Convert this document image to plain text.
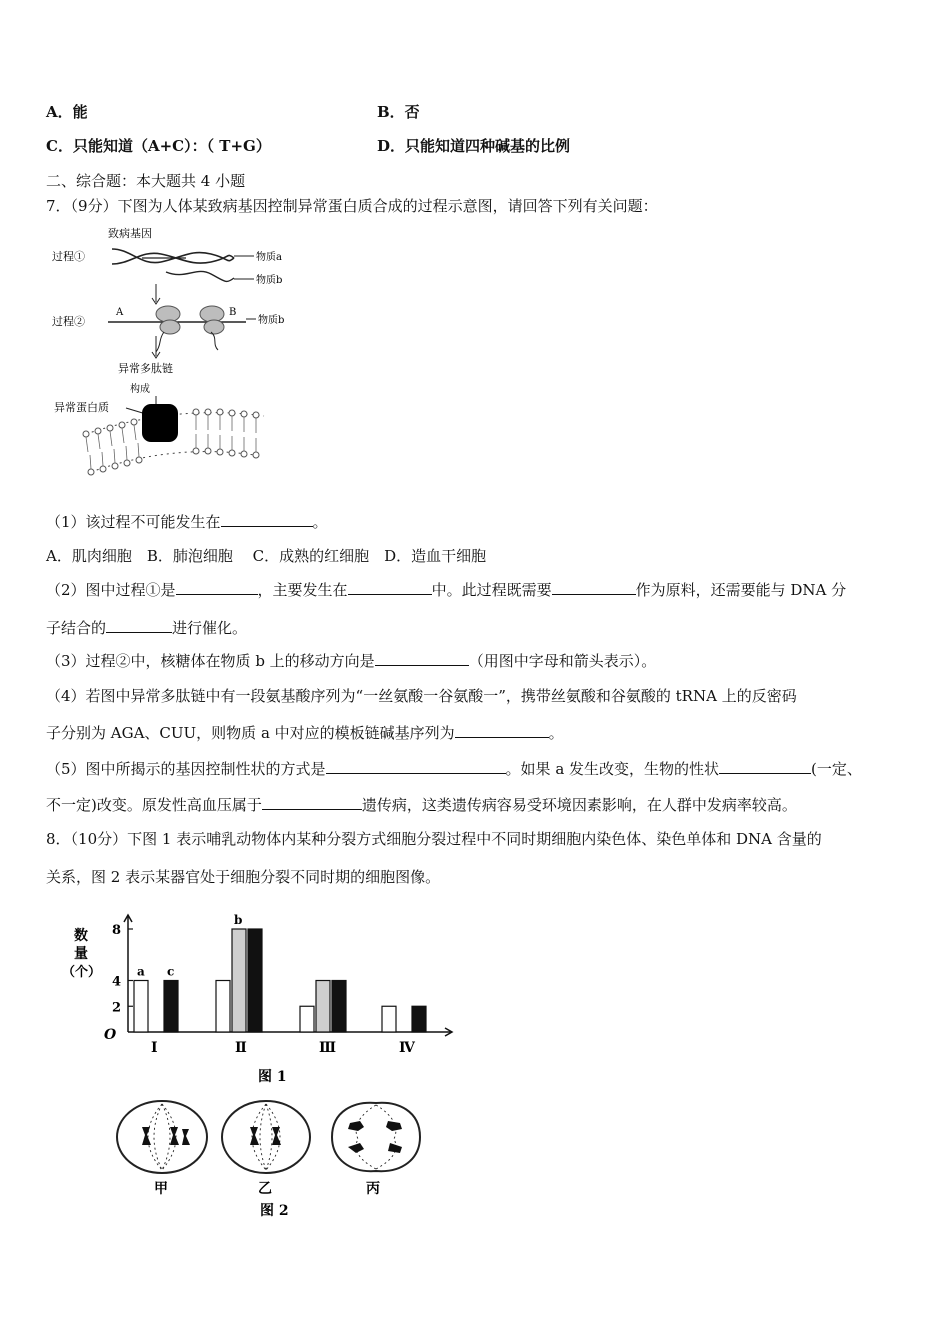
A．能	B．否
C．只能知道（A+C）：（ T+G）	D．只能知道四种碱基的比例
二、综合题：本大题共 4 小题
7．（9分）下图为人体某致病基因控制异常蛋白质合成的过程示意图，请回答下列有关问题：
致病基因
过程①	物质a
物质b
过程②
A	B
物质b
异常多肽链
构成
异常蛋白质
（1）该过程不可能发生在	。
A．肌肉细胞　B．肺泡细胞　 C．成熟的红细胞　D．造血干细胞
（2）图中过程①是	，主要发生在	中。此过程既需要	作为原料，还需要能与 DNA 分
子结合的	进行催化。
（3）过程②中，核糖体在物质 b 上的移动方向是	（用图中字母和箭头表示）。
（4）若图中异常多肽链中有一段氨基酸序列为“一丝氨酸一谷氨酸一”，携带丝氨酸和谷氨酸的 tRNA 上的反密码
子分别为 AGA、CUU，则物质 a 中对应的模板链碱基序列为	。
（5）图中所揭示的基因控制性状的方式是	。如果 a 发生改变，生物的性状	(一定、
不一定)改变。原发性高血压属于	遗传病，这类遗传病容易受环境因素影响，在人群中发病率较高。
8．（10分）下图 1 表示哺乳动物体内某种分裂方式细胞分裂过程中不同时期细胞内染色体、染色单体和 DNA 含量的
关系，图 2 表示某器官处于细胞分裂不同时期的细胞图像。
O
2
4
8
数
量
（个）
Ⅰ	Ⅱ	Ⅲ	Ⅳ
a c
b
图 1
甲	乙	丙
图 2
